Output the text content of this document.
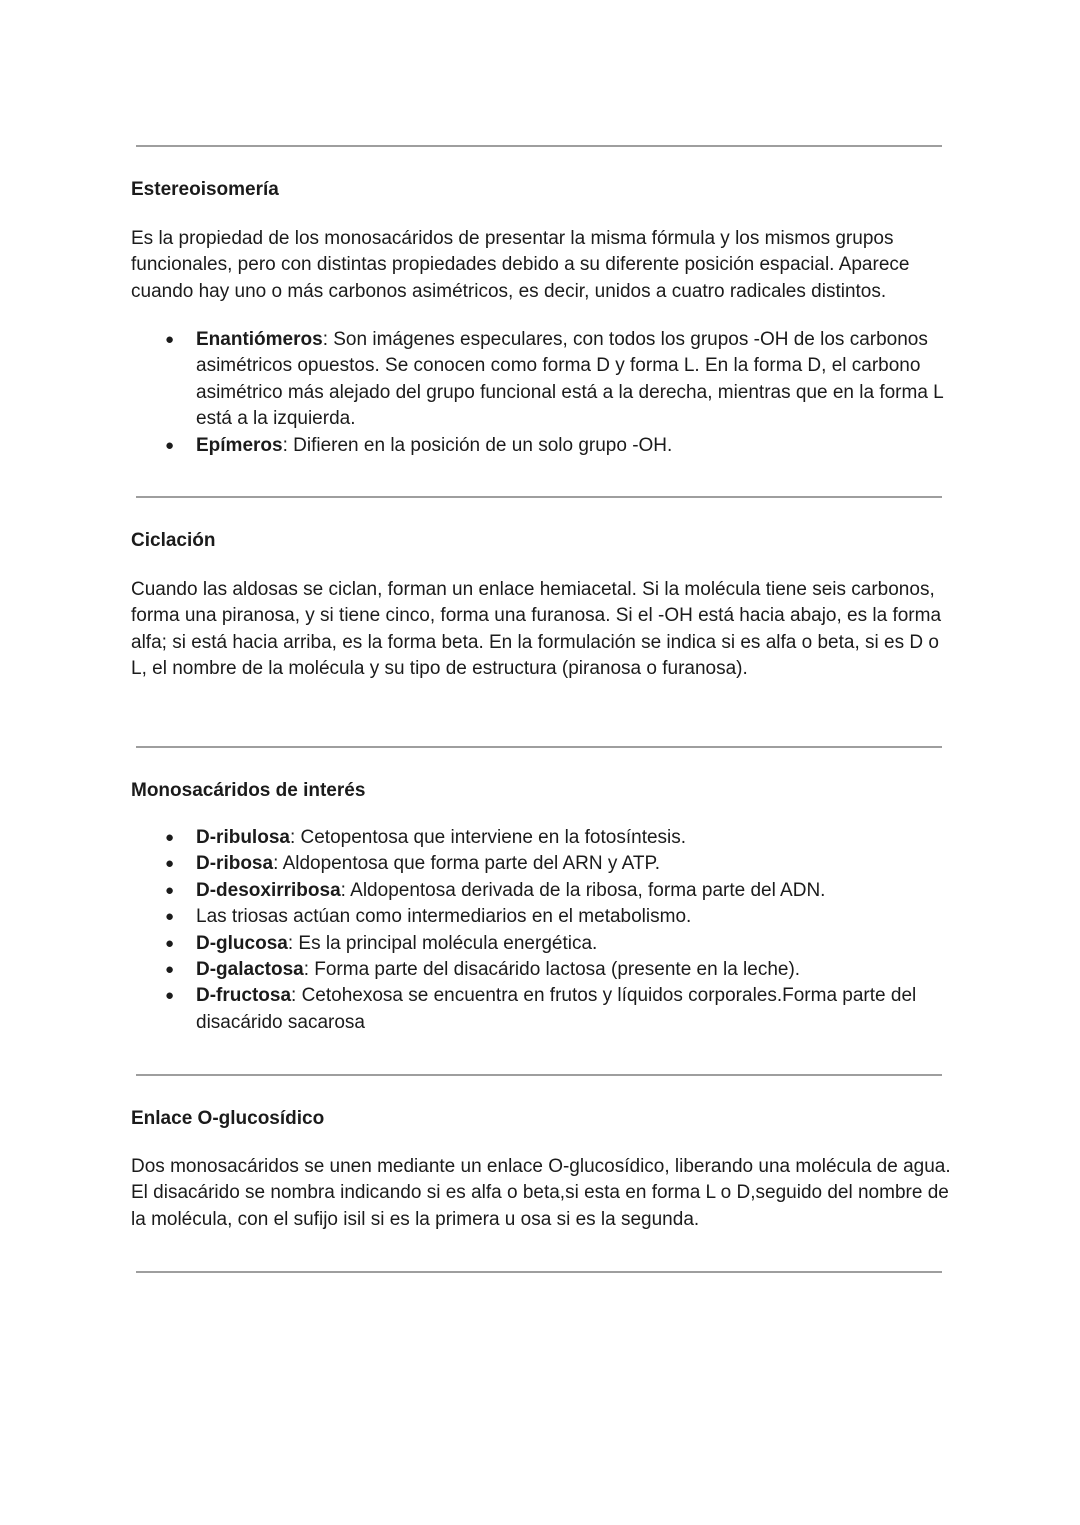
Estereoisomería

Es la propiedad de los monosacáridos de presentar la misma fórmula y los mismos grupos funcionales, pero con distintas propiedades debido a su diferente posición espacial. Aparece cuando hay uno o más carbonos asimétricos, es decir, unidos a cuatro radicales distintos.

● Enantiómeros: Son imágenes especulares, con todos los grupos -OH de los carbonos asimétricos opuestos. Se conocen como forma D y forma L. En la forma D, el carbono asimétrico más alejado del grupo funcional está a la derecha, mientras que en la forma L está a la izquierda.
● Epímeros: Difieren en la posición de un solo grupo -OH.
Ciclación

Cuando las aldosas se ciclan, forman un enlace hemiacetal. Si la molécula tiene seis carbonos, forma una piranosa, y si tiene cinco, forma una furanosa. Si el -OH está hacia abajo, es la forma alfa; si está hacia arriba, es la forma beta. En la formulación se indica si es alfa o beta, si es D o L, el nombre de la molécula y su tipo de estructura (piranosa o furanosa).

Monosacáridos de interés
● D-ribulosa: Cetopentosa que interviene en la fotosíntesis.
● D-ribosa: Aldopentosa que forma parte del ARN y ATP.
● D-desoxirribosa: Aldopentosa derivada de la ribosa, forma parte del ADN.
● Las triosas actúan como intermediarios en el metabolismo.
● D-glucosa: Es la principal molécula energética.
● D-galactosa: Forma parte del disacárido lactosa (presente en la leche).
● D-fructosa: Cetohexosa se encuentra en frutos y líquidos corporales.Forma parte del disacárido sacarosa
Enlace O-glucosídico

Dos monosacáridos se unen mediante un enlace O-glucosídico, liberando una molécula de agua. El disacárido se nombra indicando si es alfa o beta,si esta en forma L o D,seguido del nombre de la molécula, con el sufijo isil si es la primera u osa si es la segunda.
